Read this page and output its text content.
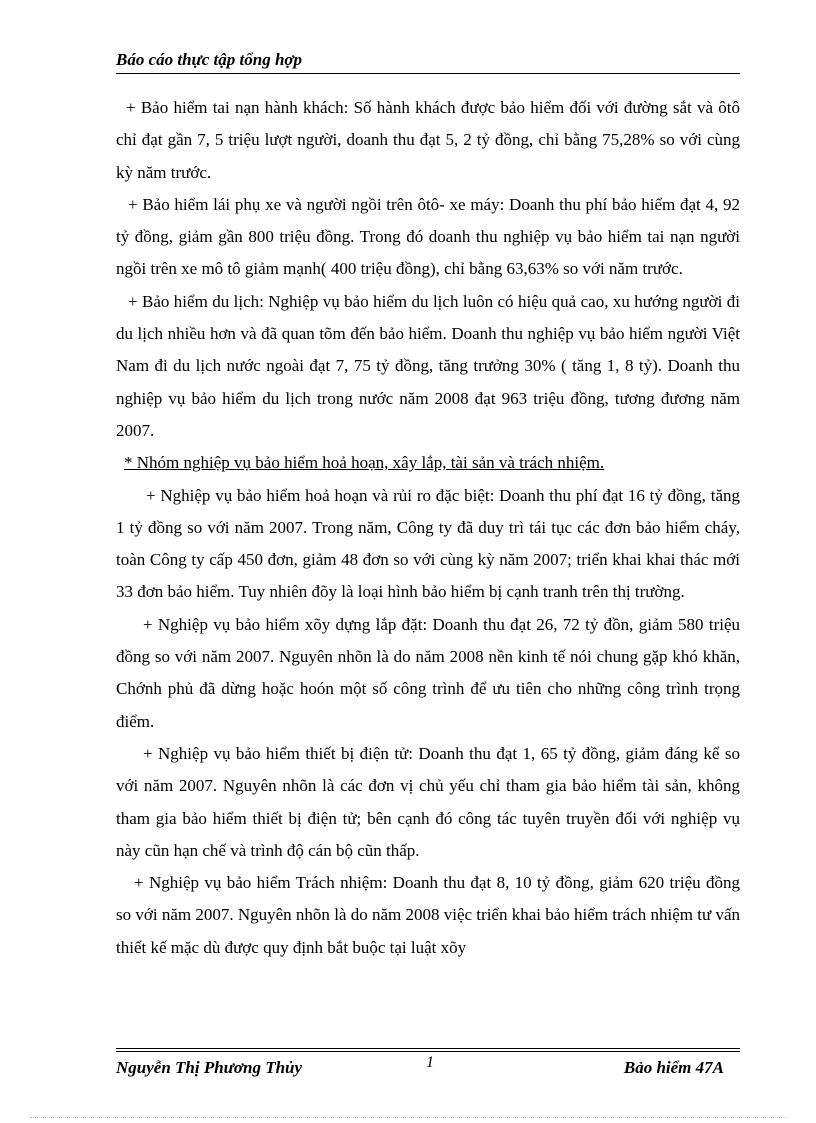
Báo cáo thực tập tổng hợp

+ Bảo hiểm tai nạn hành khách: Số hành khách được bảo hiểm đối với đường sắt và ôtô chỉ đạt gần 7, 5 triệu lượt người, doanh thu đạt 5, 2 tỷ đồng, chỉ bằng 75,28% so với cùng kỳ năm trước.

+ Bảo hiểm lái phụ xe và người ngồi trên ôtô- xe máy: Doanh thu phí bảo hiểm đạt 4, 92 tỷ đồng, giảm gần 800 triệu đồng. Trong đó doanh thu nghiệp vụ bảo hiểm tai nạn người ngồi trên xe mô tô giảm mạnh( 400 triệu đồng), chỉ bằng 63,63% so với năm trước.

+ Bảo hiểm du lịch: Nghiệp vụ bảo hiểm du lịch luôn có hiệu quả cao, xu hướng người đi du lịch nhiều hơn và đã quan tõm đến bảo hiểm. Doanh thu nghiệp vụ bảo hiểm người Việt Nam đi du lịch nước ngoài đạt 7, 75 tỷ đồng, tăng trưởng 30% ( tăng 1, 8 tỷ). Doanh thu nghiệp vụ bảo hiểm du lịch trong nước năm 2008 đạt 963 triệu đồng, tương đương năm 2007.

* Nhóm nghiệp vụ bảo hiểm hoả hoạn, xây lắp, tài sản và trách nhiệm.

+ Nghiệp vụ bảo hiểm hoả hoạn và rủi ro đặc biệt: Doanh thu phí đạt 16 tỷ đồng, tăng 1 tỷ đồng so với năm 2007. Trong năm, Công ty đã duy trì tái tục các đơn bảo hiểm cháy, toàn Công ty cấp 450 đơn, giảm 48 đơn so với cùng kỳ năm 2007; triển khai khai thác mới 33 đơn bảo hiểm. Tuy nhiên đõy là loại hình bảo hiểm bị cạnh tranh trên thị trường.

+ Nghiệp vụ bảo hiểm xõy dựng lắp đặt: Doanh thu đạt 26, 72 tỷ đồn, giảm 580 triệu đồng so với năm 2007. Nguyên nhõn là do năm 2008 nền kinh tế nói chung gặp khó khăn, Chớnh phủ đã dừng hoặc hoón một số công trình để ưu tiên cho những công trình trọng điểm.

+ Nghiệp vụ bảo hiểm thiết bị điện tử: Doanh thu đạt 1, 65 tỷ đồng, giảm đáng kể so với năm 2007. Nguyên nhõn là các đơn vị chủ yếu chỉ tham gia bảo hiểm tài sản, không tham gia bảo hiểm thiết bị điện tử; bên cạnh đó công tác tuyên truyền đối với nghiệp vụ này cũn hạn chế và trình độ cán bộ cũn thấp.

+ Nghiệp vụ bảo hiểm Trách nhiệm: Doanh thu đạt 8, 10 tỷ đồng, giảm 620 triệu đồng so với năm 2007. Nguyên nhõn là do năm 2008 việc triển khai bảo hiểm trách nhiệm tư vấn thiết kế mặc dù được quy định bắt buộc tại luật xõy

Nguyễn Thị Phương Thủy	1	Bảo hiểm 47A
